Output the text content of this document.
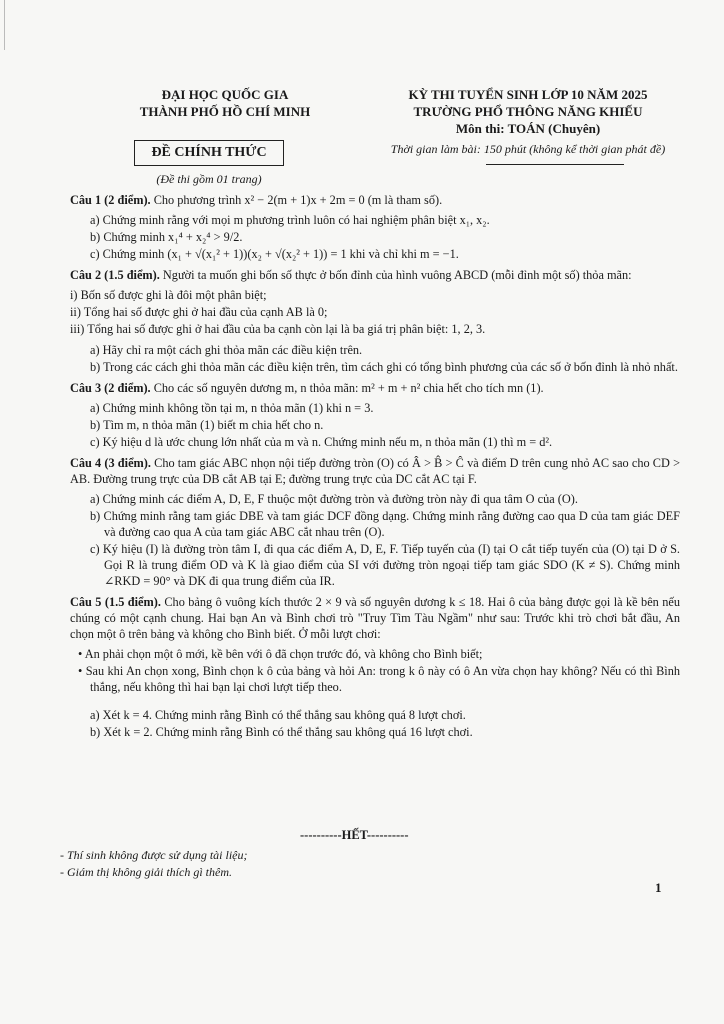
ĐẠI HỌC QUỐC GIA
THÀNH PHỐ HỒ CHÍ MINH
KỲ THI TUYỂN SINH LỚP 10 NĂM 2025
TRƯỜNG PHỔ THÔNG NĂNG KHIẾU
Môn thi: TOÁN (Chuyên)
Thời gian làm bài: 150 phút (không kể thời gian phát đề)
ĐỀ CHÍNH THỨC
(Đề thi gồm 01 trang)

Câu 1 (2 điểm). Cho phương trình x² − 2(m + 1)x + 2m = 0 (m là tham số).

a) Chứng minh rằng với mọi m phương trình luôn có hai nghiệm phân biệt x₁, x₂.
b) Chứng minh x₁⁴ + x₂⁴ > 9/2.
c) Chứng minh (x₁ + √(x₁² + 1))(x₂ + √(x₂² + 1)) = 1 khi và chỉ khi m = −1.

Câu 2 (1.5 điểm). Người ta muốn ghi bốn số thực ở bốn đỉnh của hình vuông ABCD (mỗi đỉnh một số) thỏa mãn:

i) Bốn số được ghi là đôi một phân biệt;
ii) Tổng hai số được ghi ở hai đầu của cạnh AB là 0;
iii) Tổng hai số được ghi ở hai đầu của ba cạnh còn lại là ba giá trị phân biệt: 1, 2, 3.
a) Hãy chỉ ra một cách ghi thỏa mãn các điều kiện trên.
b) Trong các cách ghi thỏa mãn các điều kiện trên, tìm cách ghi có tổng bình phương của các số ở bốn đỉnh là nhỏ nhất.

Câu 3 (2 điểm). Cho các số nguyên dương m, n thỏa mãn: m² + m + n² chia hết cho tích mn (1).

a) Chứng minh không tồn tại m, n thỏa mãn (1) khi n = 3.
b) Tìm m, n thỏa mãn (1) biết m chia hết cho n.
c) Ký hiệu d là ước chung lớn nhất của m và n. Chứng minh nếu m, n thỏa mãn (1) thì m = d².

Câu 4 (3 điểm). Cho tam giác ABC nhọn nội tiếp đường tròn (O) có Â > B̂ > Ĉ và điểm D trên cung nhỏ AC sao cho CD > AB. Đường trung trực của DB cắt AB tại E; đường trung trực của DC cắt AC tại F.

a) Chứng minh các điểm A, D, E, F thuộc một đường tròn và đường tròn này đi qua tâm O của (O).
b) Chứng minh rằng tam giác DBE và tam giác DCF đồng dạng. Chứng minh rằng đường cao qua D của tam giác DEF và đường cao qua A của tam giác ABC cắt nhau trên (O).
c) Ký hiệu (I) là đường tròn tâm I, đi qua các điểm A, D, E, F. Tiếp tuyến của (I) tại O cắt tiếp tuyến của (O) tại D ở S. Gọi R là trung điểm OD và K là giao điểm của SI với đường tròn ngoại tiếp tam giác SDO (K ≠ S). Chứng minh ∠RKD = 90° và DK đi qua trung điểm của IR.

Câu 5 (1.5 điểm). Cho bảng ô vuông kích thước 2 × 9 và số nguyên dương k ≤ 18. Hai ô của bảng được gọi là kề bên nếu chúng có một cạnh chung. Hai bạn An và Bình chơi trò "Truy Tìm Tàu Ngầm" như sau: Trước khi trò chơi bắt đầu, An chọn một ô trên bảng và không cho Bình biết. Ở mỗi lượt chơi:

• An phải chọn một ô mới, kề bên với ô đã chọn trước đó, và không cho Bình biết;
• Sau khi An chọn xong, Bình chọn k ô của bảng và hỏi An: trong k ô này có ô An vừa chọn hay không? Nếu có thì Bình thắng, nếu không thì hai bạn lại chơi lượt tiếp theo.
a) Xét k = 4. Chứng minh rằng Bình có thể thắng sau không quá 8 lượt chơi.
b) Xét k = 2. Chứng minh rằng Bình có thể thắng sau không quá 16 lượt chơi.
----------HẾT----------
- Thí sinh không được sử dụng tài liệu;
- Giám thị không giải thích gì thêm.
1
